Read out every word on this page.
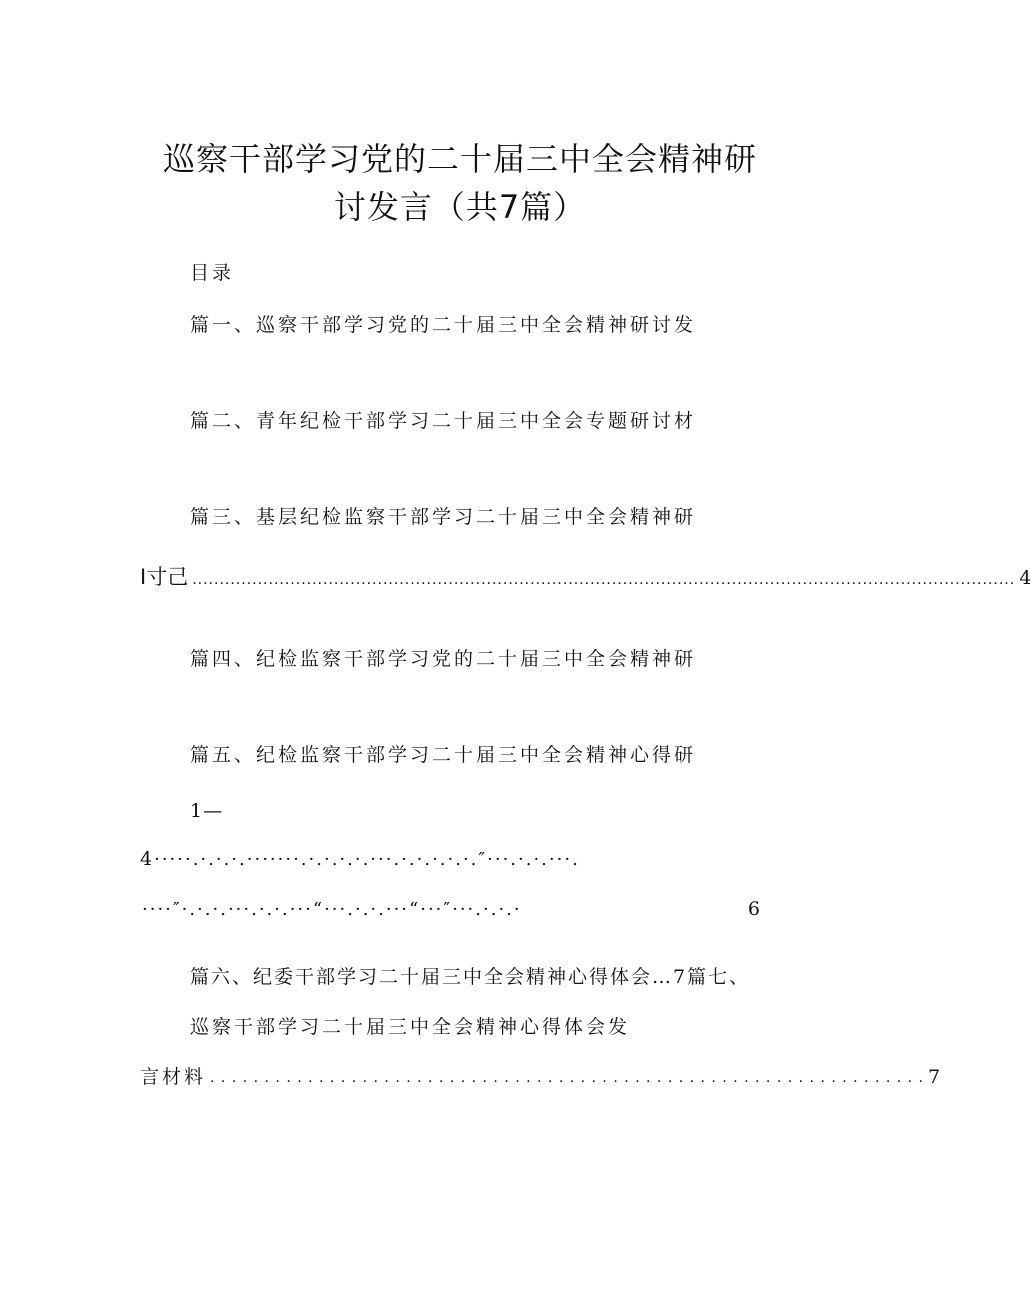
巡察干部学习党的二十届三中全会精神研
讨发言（共7篇）
目录
篇一、巡察干部学习党的二十届三中全会精神研讨发
篇二、青年纪检干部学习二十届三中全会专题研讨材
篇三、基层纪检监察干部学习二十届三中全会精神研
I寸己 ....................................................................................................................................................... 4
篇四、纪检监察干部学习党的二十届三中全会精神研
篇五、纪检监察干部学习二十届三中全会精神心得研
1—
4 ·····.·.·.·.·······.·.·.·.·.···.·.·.·.·.·.″···.·.·.···.
····″·.·.·.···.·.·.···“···.·.·.···“···″···.·.·.·	6
篇六、纪委干部学习二十届三中全会精神心得体会…7篇七、
巡察干部学习二十届三中全会精神心得体会发
言材料 . . . . . . . . . . . . . . . . . . . . . . . . . . . . . . . . . . . . . . . . . . . . . . . . . . . . . . . . . . . . . . . . . . 7
